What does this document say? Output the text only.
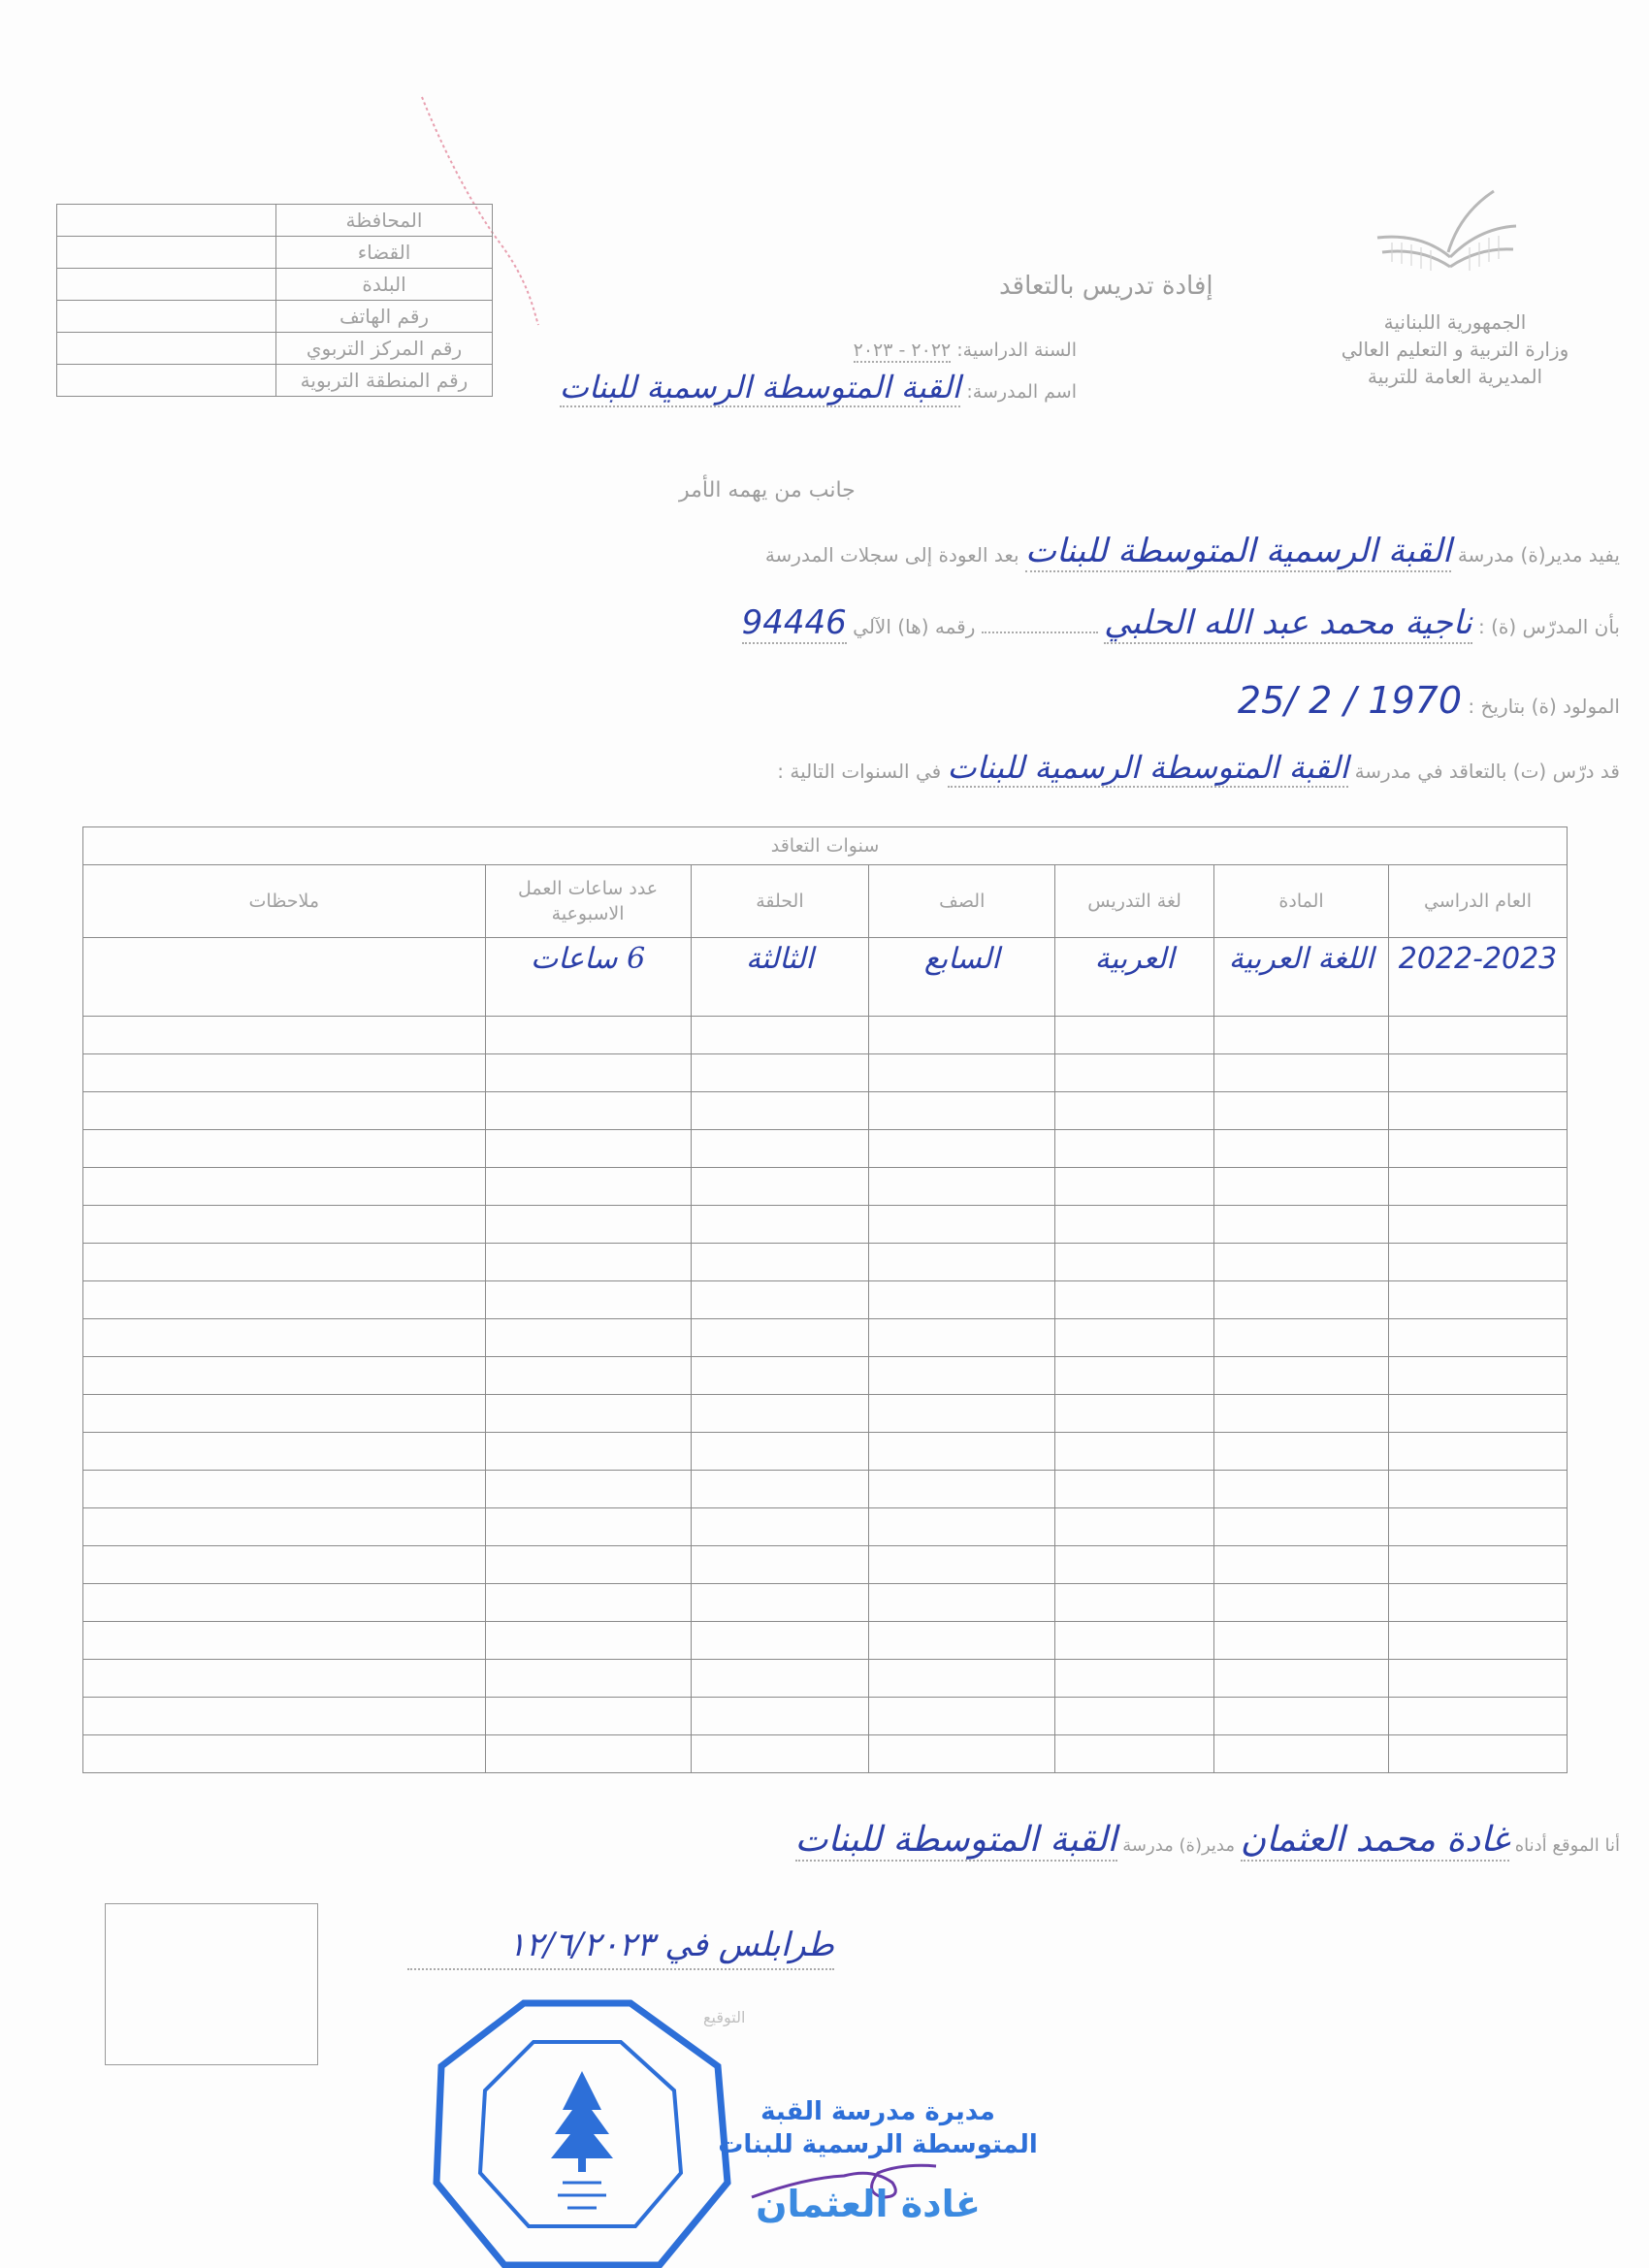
	المحافظة
	القضاء
	البلدة
	رقم الهاتف
	رقم المركز التربوي
	رقم المنطقة التربوية
الجمهورية اللبنانية
وزارة التربية و التعليم العالي
المديرية العامة للتربية
إفادة تدريس بالتعاقد
السنة الدراسية: ٢٠٢٢ - ٢٠٢٣
اسم المدرسة: القبة المتوسطة الرسمية للبنات
جانب من يهمه الأمر
يفيد مدير(ة) مدرسة القبة الرسمية المتوسطة للبنات بعد العودة إلى سجلات المدرسة
بأن المدرّس (ة) : ناجية محمد عبد الله الحلبي  رقمه (ها) الآلي 94446
المولود (ة) بتاريخ : 1970 / 2 /25
قد درّس (ت) بالتعاقد في مدرسة القبة المتوسطة الرسمية للبنات في السنوات التالية :
سنوات التعاقد						
العام الدراسي	المادة	لغة التدريس	الصف	الحلقة	عدد ساعات العمل الاسبوعية	ملاحظات
2022-2023	اللغة العربية	العربية	السابع	الثالثة	6 ساعات	

أنا الموقع أدناه غادة محمد العثمان مدير(ة) مدرسة القبة المتوسطة للبنات
طرابلس في ١٢/٦/٢٠٢٣
التوقيع
مديرة مدرسة القبة المتوسطة الرسمية للبنات
غادة العثمان
